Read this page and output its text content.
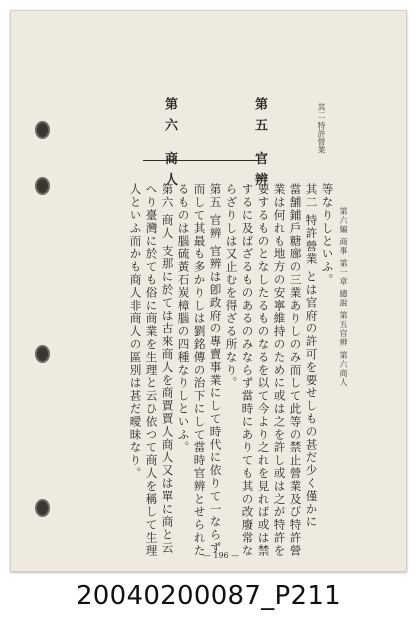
第六編 商事 第一章 總說 第五官辨 第六商人
等なりしといふ。
其二 特許營業 とは官府の許可を要せしもの甚だ少く僅かに
當舗鋪戶糖廍の三業ありしのみ而して此等の禁止營業及び特許營
業は何れも地方の安寧維持のために或は之を許し或は之が特許を
要するものとなしたるものなるを以て今より之れを見れば或は禁
するに及ばざるものあるのみならず當時にありても其の改廢常な
らざりしは又止むを得ざる所なり。
第五 官辨 官辨は卽政府の專賣事業にして時代に依りて一ならず
而して其最も多かりしは劉銘傳の治下にして當時官辨とせられた
るものは腦硫黃石炭樟腦の四種なりしといふ。
第六 商人 支那に於ては古來商人を商賈賈人商人又は單に商と云
へり臺灣に於ても俗に商業を生理と云ひ依つて商人を稱して生理
人といふ而かも商人非商人の區別は甚だ曖昧なり。
其二 特許營業
第五 官辨
第六 商人
— 196 —
20040200087_P211
